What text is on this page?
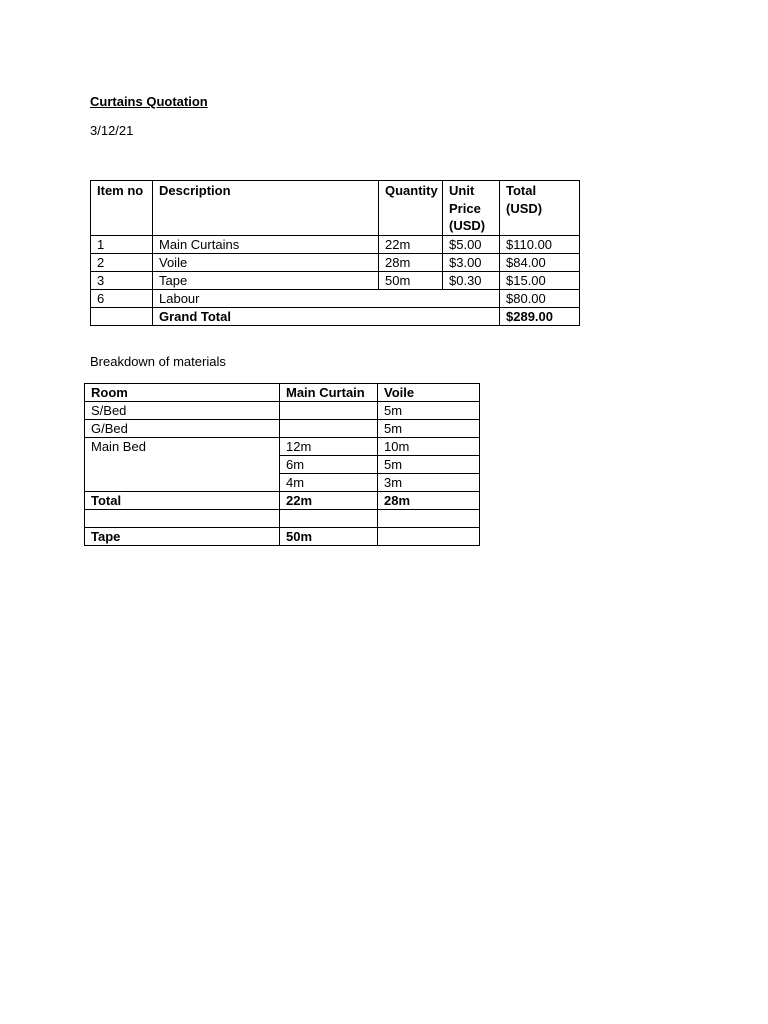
Curtains Quotation
3/12/21
Item no	Description	Quantity	Unit Price (USD)	Total (USD)
1	Main Curtains	22m	$5.00	$110.00
2	Voile	28m	$3.00	$84.00
3	Tape	50m	$0.30	$15.00
6	Labour			$80.00
	Grand Total			$289.00
Breakdown of materials
Room	Main Curtain	Voile
S/Bed		5m
G/Bed		5m
Main Bed	12m	10m
	6m	5m
	4m	3m
Total	22m	28m

Tape	50m	
